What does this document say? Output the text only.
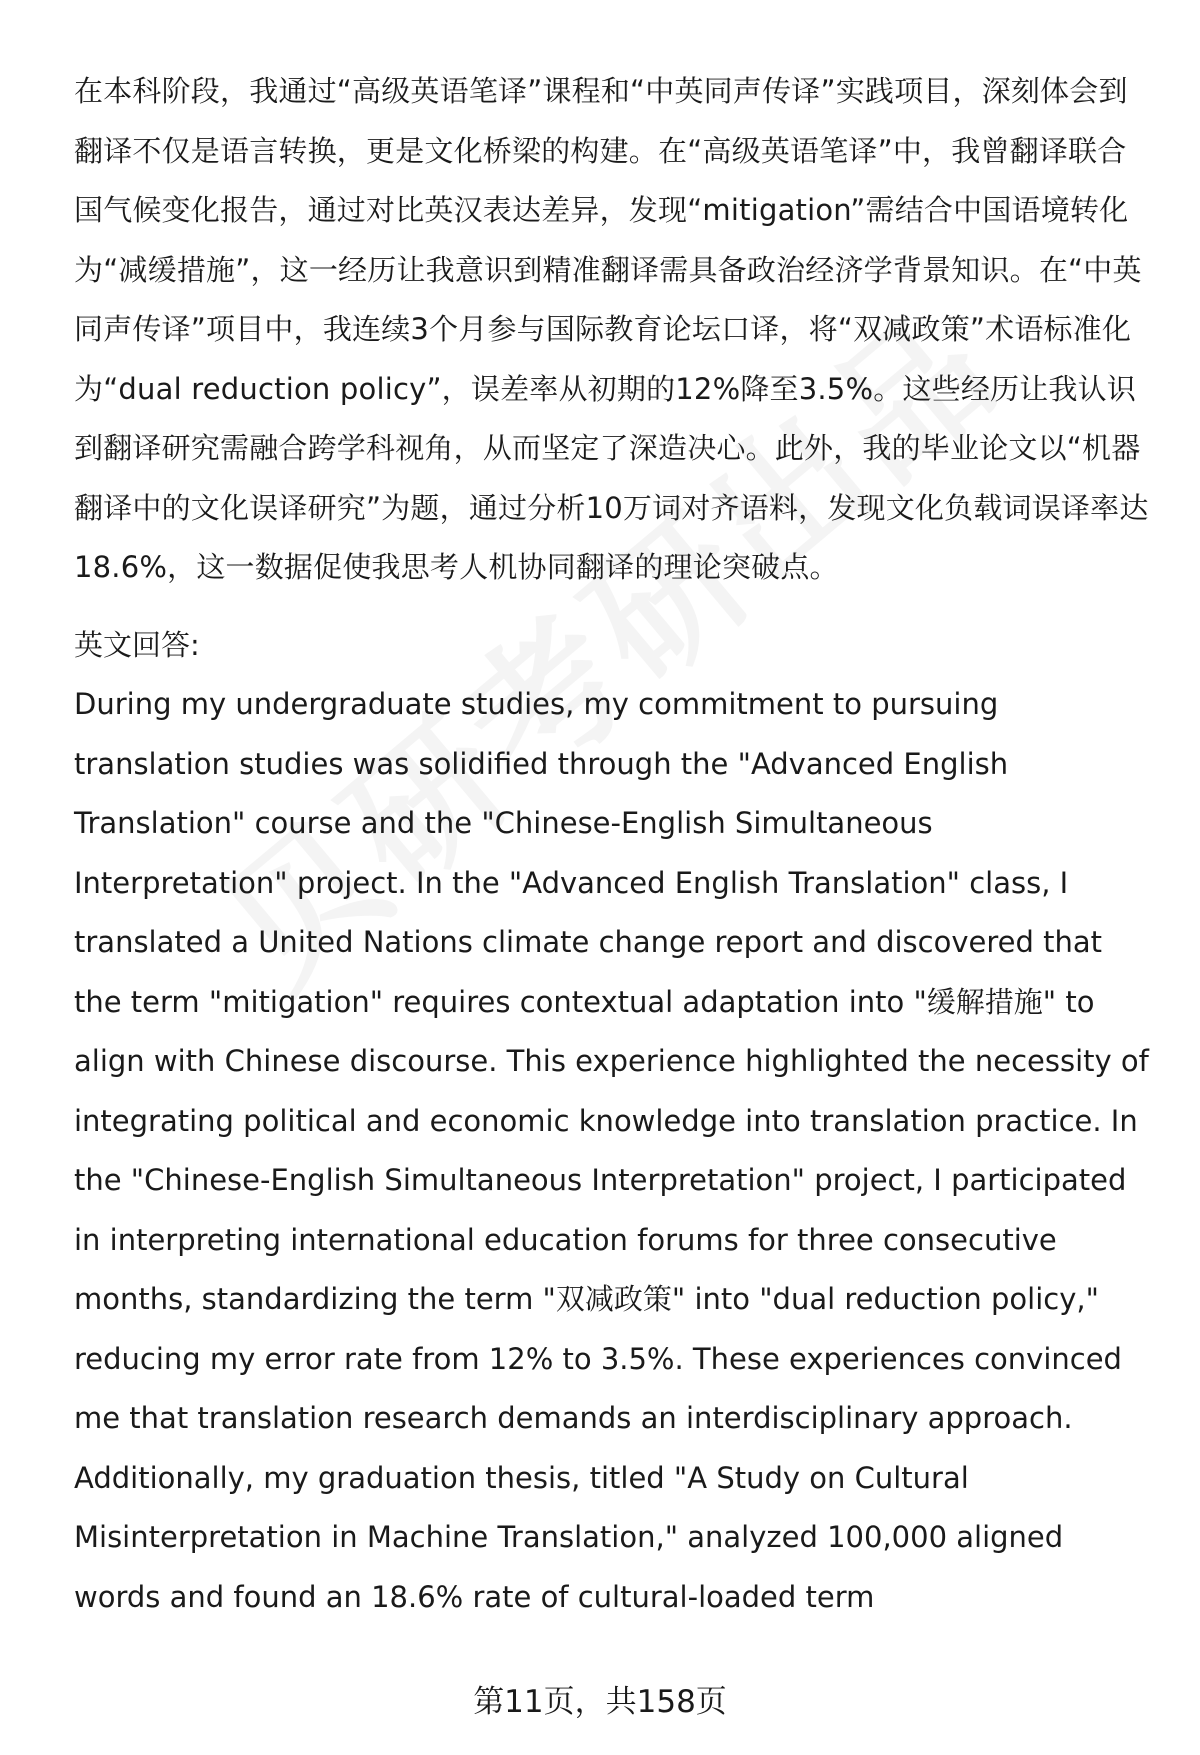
在本科阶段，我通过“高级英语笔译”课程和“中英同声传译”实践项目，深刻体会到翻译不仅是语言转换，更是文化桥梁的构建。在“高级英语笔译”中，我曾翻译联合国气候变化报告，通过对比英汉表达差异，发现“mitigation”需结合中国语境转化为“减缓措施”，这一经历让我意识到精准翻译需具备政治经济学背景知识。在“中英同声传译”项目中，我连续3个月参与国际教育论坛口译，将“双减政策”术语标准化为“dual reduction policy”，误差率从初期的12%降至3.5%。这些经历让我认识到翻译研究需融合跨学科视角，从而坚定了深造决心。此外，我的毕业论文以“机器翻译中的文化误译研究”为题，通过分析10万词对齐语料，发现文化负载词误译率达18.6%，这一数据促使我思考人机协同翻译的理论突破点。

英文回答:

During my undergraduate studies, my commitment to pursuing translation studies was solidified through the "Advanced English Translation" course and the "Chinese-English Simultaneous Interpretation" project. In the "Advanced English Translation" class, I translated a United Nations climate change report and discovered that the term "mitigation" requires contextual adaptation into "缓解措施" to align with Chinese discourse. This experience highlighted the necessity of integrating political and economic knowledge into translation practice. In the "Chinese-English Simultaneous Interpretation" project, I participated in interpreting international education forums for three consecutive months, standardizing the term "双减政策" into "dual reduction policy," reducing my error rate from 12% to 3.5%. These experiences convinced me that translation research demands an interdisciplinary approach. Additionally, my graduation thesis, titled "A Study on Cultural Misinterpretation in Machine Translation," analyzed 100,000 aligned words and found an 18.6% rate of cultural-loaded term

第11页，共158页
